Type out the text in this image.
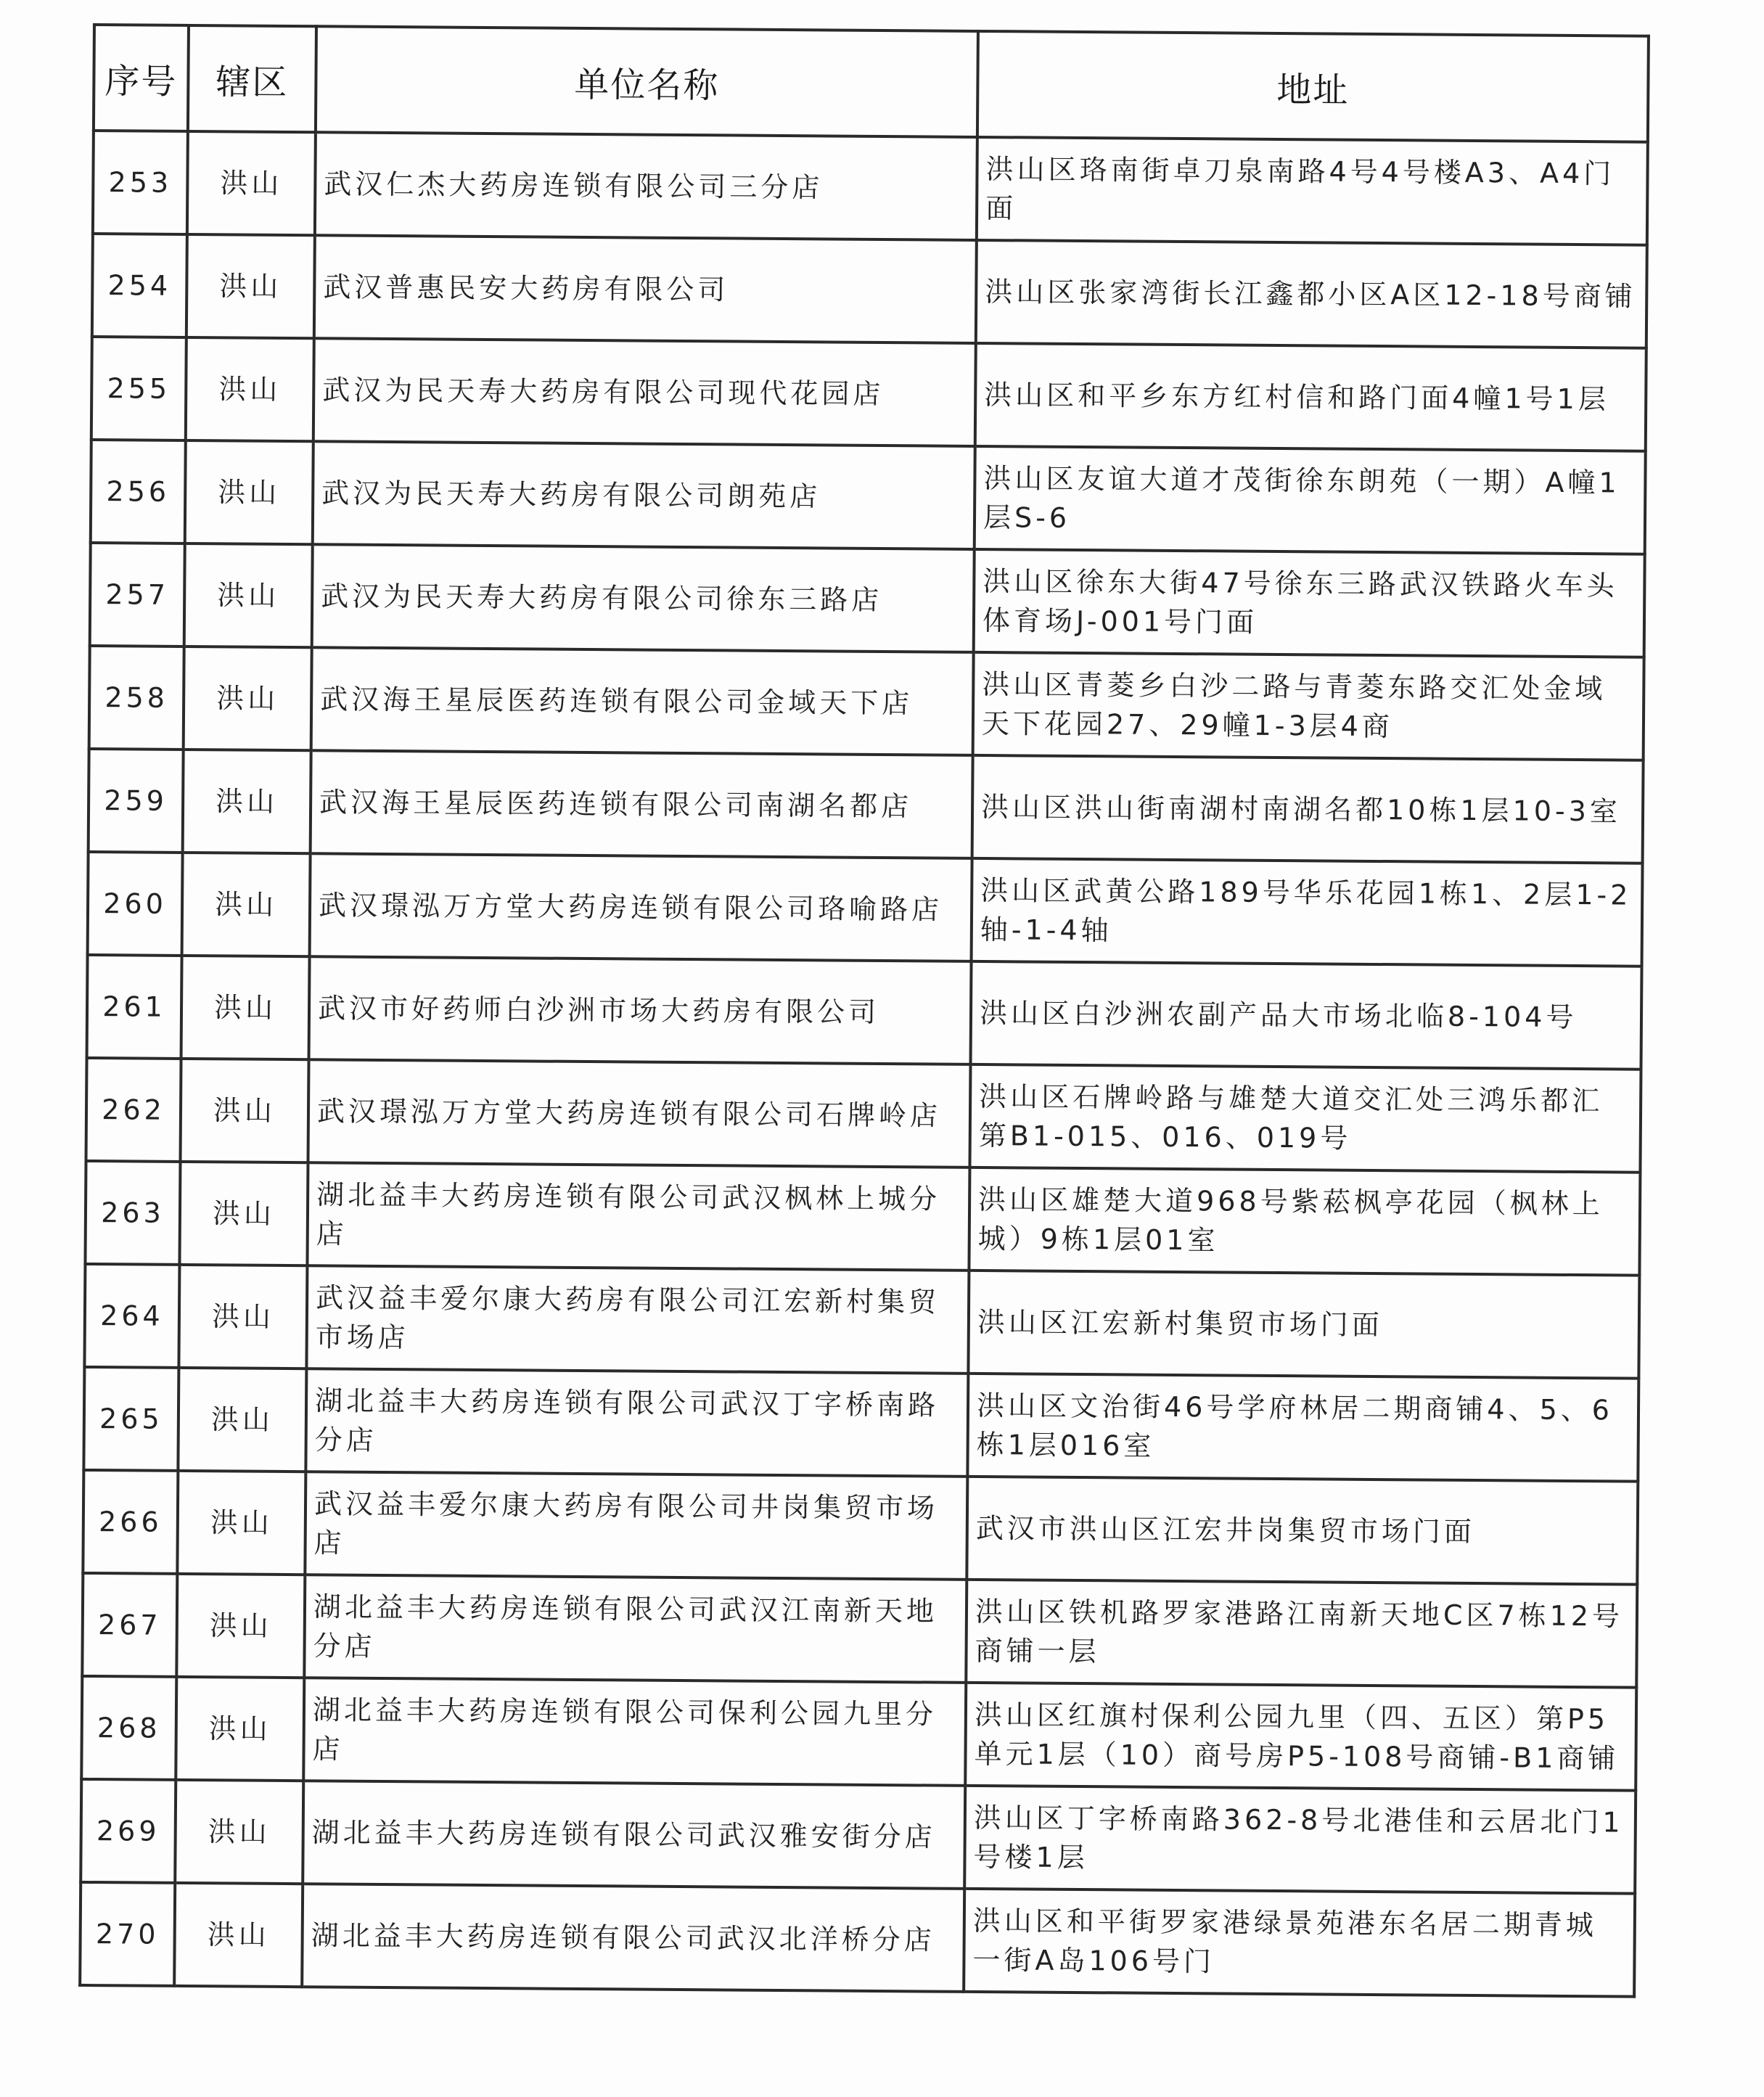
序号	辖区	单位名称	地址
253	洪山	武汉仁杰大药房连锁有限公司三分店	洪山区珞南街卓刀泉南路4号4号楼A3、A4门面
254	洪山	武汉普惠民安大药房有限公司	洪山区张家湾街长江鑫都小区A区12-18号商铺
255	洪山	武汉为民天寿大药房有限公司现代花园店	洪山区和平乡东方红村信和路门面4幢1号1层
256	洪山	武汉为民天寿大药房有限公司朗苑店	洪山区友谊大道才茂街徐东朗苑（一期）A幢1层S-6
257	洪山	武汉为民天寿大药房有限公司徐东三路店	洪山区徐东大街47号徐东三路武汉铁路火车头体育场J-001号门面
258	洪山	武汉海王星辰医药连锁有限公司金域天下店	洪山区青菱乡白沙二路与青菱东路交汇处金域天下花园27、29幢1-3层4商
259	洪山	武汉海王星辰医药连锁有限公司南湖名都店	洪山区洪山街南湖村南湖名都10栋1层10-3室
260	洪山	武汉璟泓万方堂大药房连锁有限公司珞喻路店	洪山区武黄公路189号华乐花园1栋1、2层1-2轴-1-4轴
261	洪山	武汉市好药师白沙洲市场大药房有限公司	洪山区白沙洲农副产品大市场北临8-104号
262	洪山	武汉璟泓万方堂大药房连锁有限公司石牌岭店	洪山区石牌岭路与雄楚大道交汇处三鸿乐都汇第B1-015、016、019号
263	洪山	湖北益丰大药房连锁有限公司武汉枫林上城分店	洪山区雄楚大道968号紫菘枫亭花园（枫林上城）9栋1层01室
264	洪山	武汉益丰爱尔康大药房有限公司江宏新村集贸市场店	洪山区江宏新村集贸市场门面
265	洪山	湖北益丰大药房连锁有限公司武汉丁字桥南路分店	洪山区文治街46号学府林居二期商铺4、5、6栋1层016室
266	洪山	武汉益丰爱尔康大药房有限公司井岗集贸市场店	武汉市洪山区江宏井岗集贸市场门面
267	洪山	湖北益丰大药房连锁有限公司武汉江南新天地分店	洪山区铁机路罗家港路江南新天地C区7栋12号商铺一层
268	洪山	湖北益丰大药房连锁有限公司保利公园九里分店	洪山区红旗村保利公园九里（四、五区）第P5单元1层（10）商号房P5-108号商铺-B1商铺
269	洪山	湖北益丰大药房连锁有限公司武汉雅安街分店	洪山区丁字桥南路362-8号北港佳和云居北门1号楼1层
270	洪山	湖北益丰大药房连锁有限公司武汉北洋桥分店	洪山区和平街罗家港绿景苑港东名居二期青城一街A岛106号门
